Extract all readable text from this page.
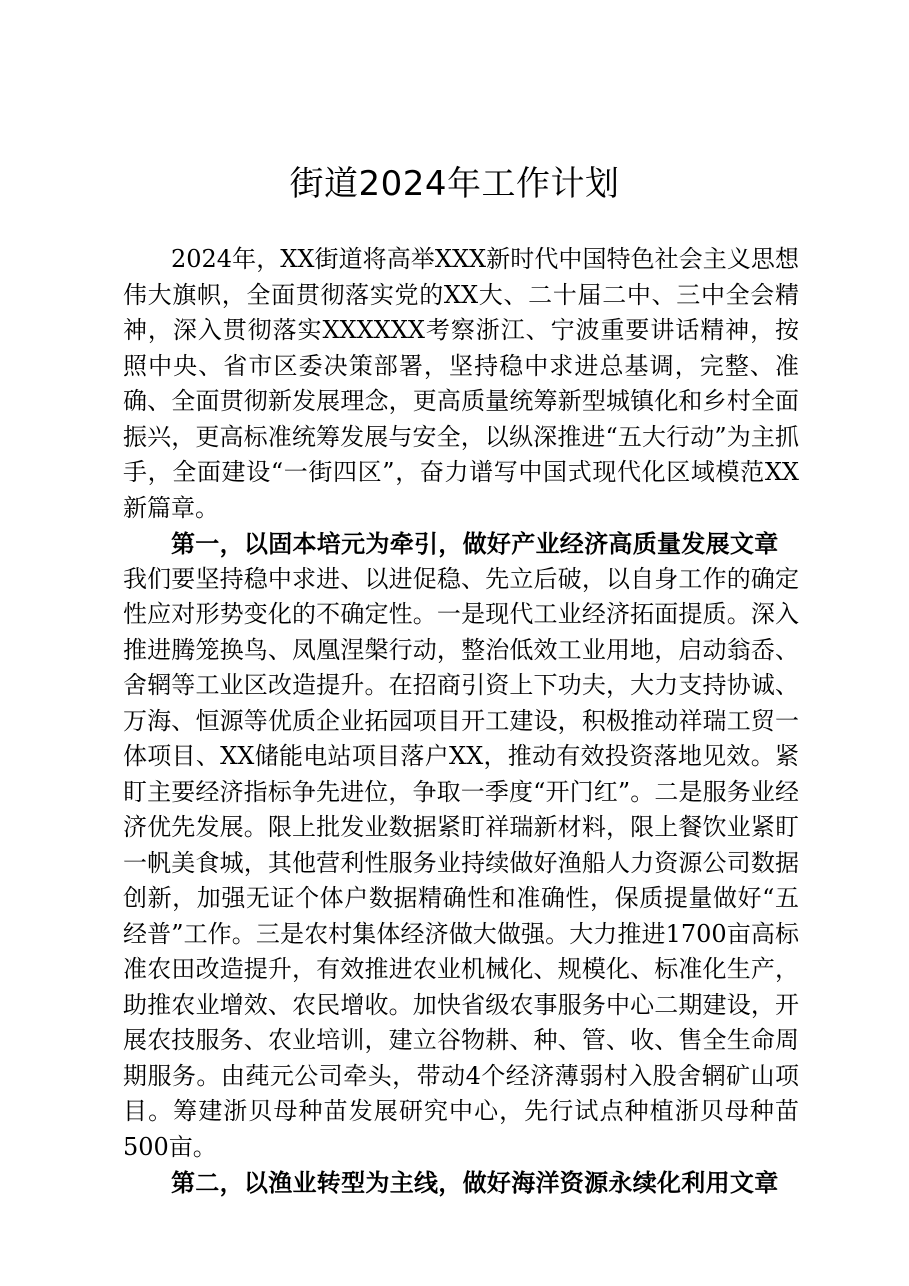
街道2024年工作计划

2024年，XX街道将高举XXX新时代中国特色社会主义思想伟大旗帜，全面贯彻落实党的XX大、二十届二中、三中全会精神，深入贯彻落实XXXXXX考察浙江、宁波重要讲话精神，按照中央、省市区委决策部署，坚持稳中求进总基调，完整、准确、全面贯彻新发展理念，更高质量统筹新型城镇化和乡村全面振兴，更高标准统筹发展与安全，以纵深推进“五大行动”为主抓手，全面建设“一街四区”，奋力谱写中国式现代化区域模范XX新篇章。

第一，以固本培元为牵引，做好产业经济高质量发展文章

我们要坚持稳中求进、以进促稳、先立后破，以自身工作的确定性应对形势变化的不确定性。一是现代工业经济拓面提质。深入推进腾笼换鸟、凤凰涅槃行动，整治低效工业用地，启动翁岙、舍辋等工业区改造提升。在招商引资上下功夫，大力支持协诚、万海、恒源等优质企业拓园项目开工建设，积极推动祥瑞工贸一体项目、XX储能电站项目落户XX，推动有效投资落地见效。紧盯主要经济指标争先进位，争取一季度“开门红”。二是服务业经济优先发展。限上批发业数据紧盯祥瑞新材料，限上餐饮业紧盯一帆美食城，其他营利性服务业持续做好渔船人力资源公司数据创新，加强无证个体户数据精确性和准确性，保质提量做好“五经普”工作。三是农村集体经济做大做强。大力推进1700亩高标准农田改造提升，有效推进农业机械化、规模化、标准化生产，助推农业增效、农民增收。加快省级农事服务中心二期建设，开展农技服务、农业培训，建立谷物耕、种、管、收、售全生命周期服务。由莼元公司牵头，带动4个经济薄弱村入股舍辋矿山项目。筹建浙贝母种苗发展研究中心，先行试点种植浙贝母种苗500亩。

第二，以渔业转型为主线，做好海洋资源永续化利用文章
